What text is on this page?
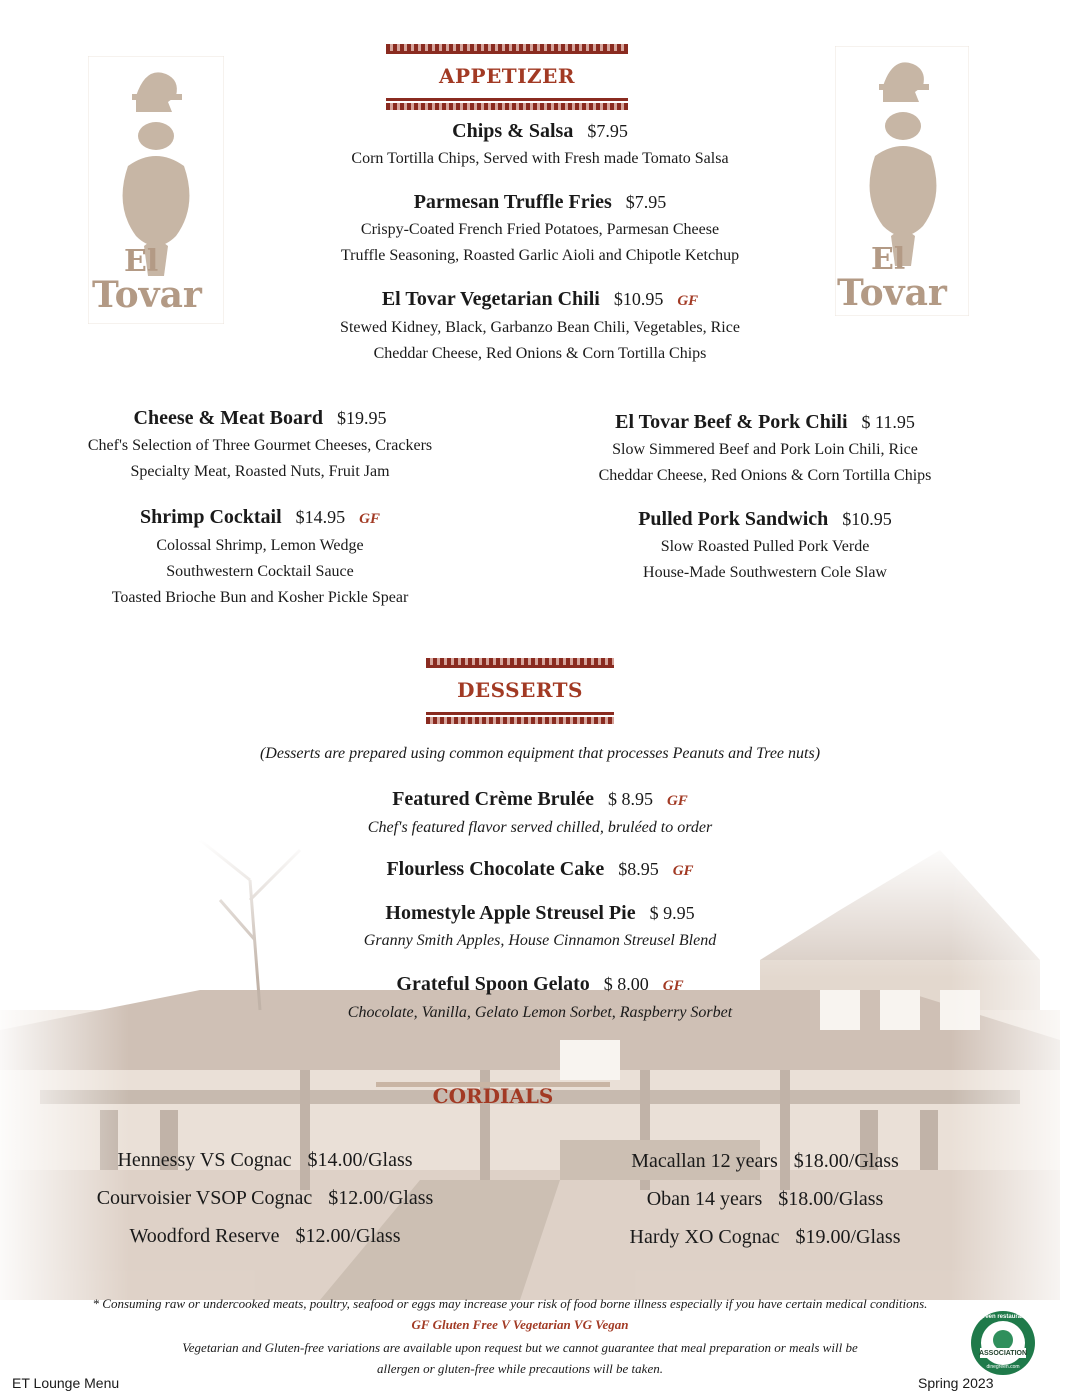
El
Tovar
El
Tovar
APPETIZER
Chips & Salsa $7.95
Corn Tortilla Chips, Served with Fresh made Tomato Salsa
Parmesan Truffle Fries $7.95
Crispy-Coated French Fried Potatoes, Parmesan Cheese
Truffle Seasoning, Roasted Garlic Aioli and Chipotle Ketchup
El Tovar Vegetarian Chili $10.95 GF
Stewed Kidney, Black, Garbanzo Bean Chili, Vegetables, Rice
Cheddar Cheese, Red Onions & Corn Tortilla Chips
Cheese & Meat Board $19.95
Chef's Selection of Three Gourmet Cheeses, Crackers
Specialty Meat, Roasted Nuts, Fruit Jam
Shrimp Cocktail $14.95 GF
Colossal Shrimp, Lemon Wedge
Southwestern Cocktail Sauce
Toasted Brioche Bun and Kosher Pickle Spear
El Tovar Beef & Pork Chili $ 11.95
Slow Simmered Beef and Pork Loin Chili, Rice
Cheddar Cheese, Red Onions & Corn Tortilla Chips
Pulled Pork Sandwich $10.95
Slow Roasted Pulled Pork Verde
House-Made Southwestern Cole Slaw
DESSERTS
(Desserts are prepared using common equipment that processes Peanuts and Tree nuts)
Featured Crème Brulée $ 8.95 GF
Chef's featured flavor served chilled, bruléed to order
Flourless Chocolate Cake $8.95 GF
Homestyle Apple Streusel Pie $ 9.95
Granny Smith Apples, House Cinnamon Streusel Blend
Grateful Spoon Gelato $ 8.00 GF
Chocolate, Vanilla, Gelato Lemon Sorbet, Raspberry Sorbet
CORDIALS
Hennessy VS Cognac $14.00/Glass
Courvoisier VSOP Cognac $12.00/Glass
Woodford Reserve $12.00/Glass
Macallan 12 years $18.00/Glass
Oban 14 years $18.00/Glass
Hardy XO Cognac $19.00/Glass
* Consuming raw or undercooked meats, poultry, seafood or eggs may increase your risk of food borne illness especially if you have certain medical conditions.
GF Gluten Free V Vegetarian VG Vegan
Vegetarian and Gluten-free variations are available upon request but we cannot guarantee that meal preparation or meals will be
allergen or gluten-free while precautions will be taken.
green restaurant
ASSOCIATION
dinegreen.com
ET Lounge Menu	Spring 2023
